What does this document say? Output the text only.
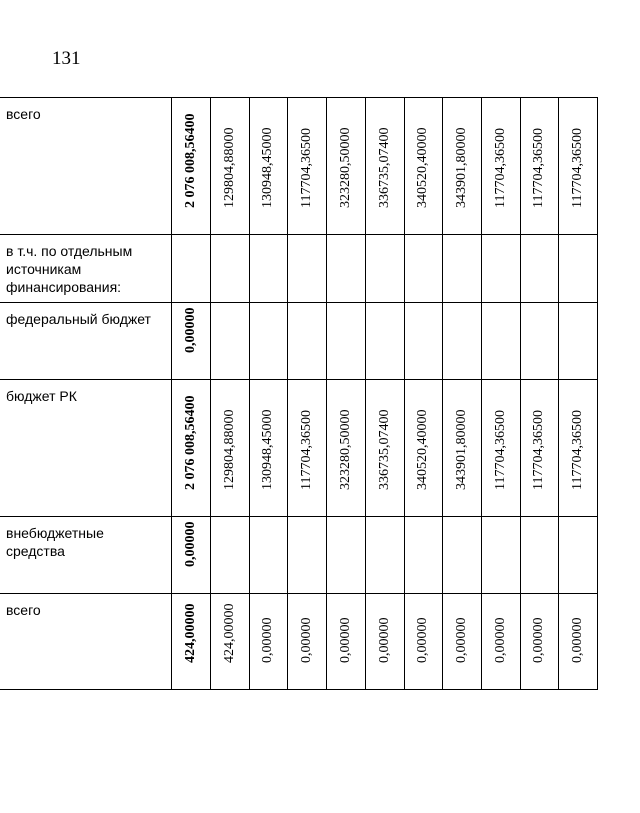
131
всего	2 076 008,56400	129804,88000	130948,45000	117704,36500	323280,50000	336735,07400	340520,40000	343901,80000	117704,36500	117704,36500	117704,36500

в т.ч. по отдельным источникам финансирования:	

федеральный бюджет	0,00000										

бюджет РК	2 076 008,56400	129804,88000	130948,45000	117704,36500	323280,50000	336735,07400	340520,40000	343901,80000	117704,36500	117704,36500	117704,36500

внебюджетные средства	0,00000										

всего	424,00000	424,00000	0,00000	0,00000	0,00000	0,00000	0,00000	0,00000	0,00000	0,00000	0,00000
